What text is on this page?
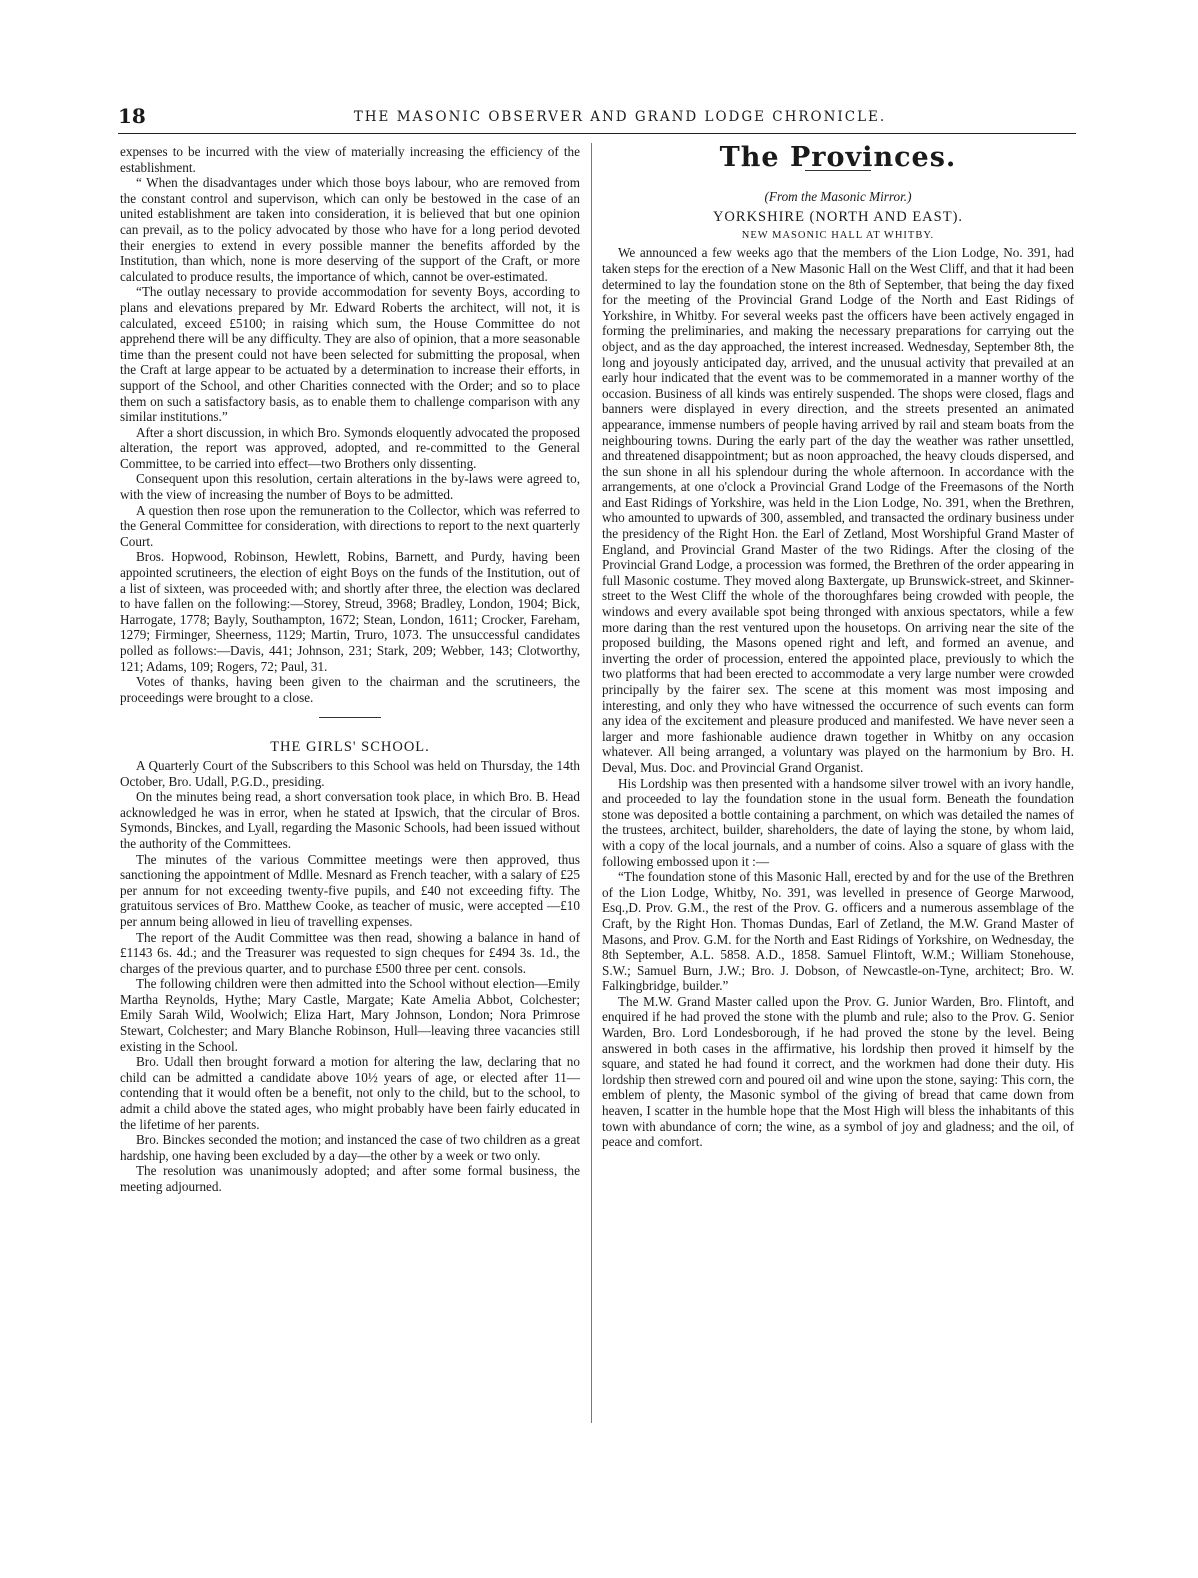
18	THE MASONIC OBSERVER AND GRAND LODGE CHRONICLE.

expenses to be incurred with the view of materially increasing the efficiency of the establishment.

“ When the disadvantages under which those boys labour, who are removed from the constant control and supervison, which can only be bestowed in the case of an united establishment are taken into consideration, it is believed that but one opinion can prevail, as to the policy advocated by those who have for a long period devoted their energies to extend in every possible manner the benefits afforded by the Institution, than which, none is more deserving of the support of the Craft, or more calculated to produce results, the importance of which, cannot be over-estimated.

“The outlay necessary to provide accommodation for seventy Boys, according to plans and elevations prepared by Mr. Edward Roberts the architect, will not, it is calculated, exceed £5100; in raising which sum, the House Committee do not apprehend there will be any difficulty. They are also of opinion, that a more seasonable time than the present could not have been selected for submitting the proposal, when the Craft at large appear to be actuated by a determination to increase their efforts, in support of the School, and other Charities connected with the Order; and so to place them on such a satisfactory basis, as to enable them to challenge comparison with any similar institutions.”

After a short discussion, in which Bro. Symonds eloquently advocated the proposed alteration, the report was approved, adopted, and re-committed to the General Committee, to be carried into effect—two Brothers only dissenting.

Consequent upon this resolution, certain alterations in the by-laws were agreed to, with the view of increasing the number of Boys to be admitted.

A question then rose upon the remuneration to the Collector, which was referred to the General Committee for consideration, with directions to report to the next quarterly Court.

Bros. Hopwood, Robinson, Hewlett, Robins, Barnett, and Purdy, having been appointed scrutineers, the election of eight Boys on the funds of the Institution, out of a list of sixteen, was proceeded with; and shortly after three, the election was declared to have fallen on the following:—Storey, Streud, 3968; Bradley, London, 1904; Bick, Harrogate, 1778; Bayly, Southampton, 1672; Stean, London, 1611; Crocker, Fareham, 1279; Firminger, Sheerness, 1129; Martin, Truro, 1073. The unsuccessful candidates polled as follows:—Davis, 441; Johnson, 231; Stark, 209; Webber, 143; Clotworthy, 121; Adams, 109; Rogers, 72; Paul, 31.

Votes of thanks, having been given to the chairman and the scrutineers, the proceedings were brought to a close.

THE GIRLS' SCHOOL.

A Quarterly Court of the Subscribers to this School was held on Thursday, the 14th October, Bro. Udall, P.G.D., presiding.

On the minutes being read, a short conversation took place, in which Bro. B. Head acknowledged he was in error, when he stated at Ipswich, that the circular of Bros. Symonds, Binckes, and Lyall, regarding the Masonic Schools, had been issued without the authority of the Committees.

The minutes of the various Committee meetings were then approved, thus sanctioning the appointment of Mdlle. Mesnard as French teacher, with a salary of £25 per annum for not exceeding twenty-five pupils, and £40 not exceeding fifty. The gratuitous services of Bro. Matthew Cooke, as teacher of music, were accepted —£10 per annum being allowed in lieu of travelling expenses.

The report of the Audit Committee was then read, showing a balance in hand of £1143 6s. 4d.; and the Treasurer was requested to sign cheques for £494 3s. 1d., the charges of the previous quarter, and to purchase £500 three per cent. consols.

The following children were then admitted into the School without election—Emily Martha Reynolds, Hythe; Mary Castle, Margate; Kate Amelia Abbot, Colchester; Emily Sarah Wild, Woolwich; Eliza Hart, Mary Johnson, London; Nora Primrose Stewart, Colchester; and Mary Blanche Robinson, Hull—leaving three vacancies still existing in the School.

Bro. Udall then brought forward a motion for altering the law, declaring that no child can be admitted a candidate above 10½ years of age, or elected after 11—contending that it would often be a benefit, not only to the child, but to the school, to admit a child above the stated ages, who might probably have been fairly educated in the lifetime of her parents.

Bro. Binckes seconded the motion; and instanced the case of two children as a great hardship, one having been excluded by a day—the other by a week or two only.

The resolution was unanimously adopted; and after some formal business, the meeting adjourned.

The Provinces.

(From the Masonic Mirror.)

YORKSHIRE (NORTH AND EAST).

NEW MASONIC HALL AT WHITBY.

We announced a few weeks ago that the members of the Lion Lodge, No. 391, had taken steps for the erection of a New Masonic Hall on the West Cliff, and that it had been determined to lay the foundation stone on the 8th of September, that being the day fixed for the meeting of the Provincial Grand Lodge of the North and East Ridings of Yorkshire, in Whitby. For several weeks past the officers have been actively engaged in forming the preliminaries, and making the necessary preparations for carrying out the object, and as the day approached, the interest increased. Wednesday, September 8th, the long and joyously anticipated day, arrived, and the unusual activity that prevailed at an early hour indicated that the event was to be commemorated in a manner worthy of the occasion. Business of all kinds was entirely suspended. The shops were closed, flags and banners were displayed in every direction, and the streets presented an animated appearance, immense numbers of people having arrived by rail and steam boats from the neighbouring towns. During the early part of the day the weather was rather unsettled, and threatened disappointment; but as noon approached, the heavy clouds dispersed, and the sun shone in all his splendour during the whole afternoon. In accordance with the arrangements, at one o'clock a Provincial Grand Lodge of the Freemasons of the North and East Ridings of Yorkshire, was held in the Lion Lodge, No. 391, when the Brethren, who amounted to upwards of 300, assembled, and transacted the ordinary business under the presidency of the Right Hon. the Earl of Zetland, Most Worshipful Grand Master of England, and Provincial Grand Master of the two Ridings. After the closing of the Provincial Grand Lodge, a procession was formed, the Brethren of the order appearing in full Masonic costume. They moved along Baxtergate, up Brunswick-street, and Skinner-street to the West Cliff the whole of the thoroughfares being crowded with people, the windows and every available spot being thronged with anxious spectators, while a few more daring than the rest ventured upon the housetops. On arriving near the site of the proposed building, the Masons opened right and left, and formed an avenue, and inverting the order of procession, entered the appointed place, previously to which the two platforms that had been erected to accommodate a very large number were crowded principally by the fairer sex. The scene at this moment was most imposing and interesting, and only they who have witnessed the occurrence of such events can form any idea of the excitement and pleasure produced and manifested. We have never seen a larger and more fashionable audience drawn together in Whitby on any occasion whatever. All being arranged, a voluntary was played on the harmonium by Bro. H. Deval, Mus. Doc. and Provincial Grand Organist.

His Lordship was then presented with a handsome silver trowel with an ivory handle, and proceeded to lay the foundation stone in the usual form. Beneath the foundation stone was deposited a bottle containing a parchment, on which was detailed the names of the trustees, architect, builder, shareholders, the date of laying the stone, by whom laid, with a copy of the local journals, and a number of coins. Also a square of glass with the following embossed upon it :—

“The foundation stone of this Masonic Hall, erected by and for the use of the Brethren of the Lion Lodge, Whitby, No. 391, was levelled in presence of George Marwood, Esq.,D. Prov. G.M., the rest of the Prov. G. officers and a numerous assemblage of the Craft, by the Right Hon. Thomas Dundas, Earl of Zetland, the M.W. Grand Master of Masons, and Prov. G.M. for the North and East Ridings of Yorkshire, on Wednesday, the 8th September, A.L. 5858. A.D., 1858. Samuel Flintoft, W.M.; William Stonehouse, S.W.; Samuel Burn, J.W.; Bro. J. Dobson, of Newcastle-on-Tyne, architect; Bro. W. Falkingbridge, builder.”

The M.W. Grand Master called upon the Prov. G. Junior Warden, Bro. Flintoft, and enquired if he had proved the stone with the plumb and rule; also to the Prov. G. Senior Warden, Bro. Lord Londesborough, if he had proved the stone by the level. Being answered in both cases in the affirmative, his lordship then proved it himself by the square, and stated he had found it correct, and the workmen had done their duty. His lordship then strewed corn and poured oil and wine upon the stone, saying: This corn, the emblem of plenty, the Masonic symbol of the giving of bread that came down from heaven, I scatter in the humble hope that the Most High will bless the inhabitants of this town with abundance of corn; the wine, as a symbol of joy and gladness; and the oil, of peace and comfort.
